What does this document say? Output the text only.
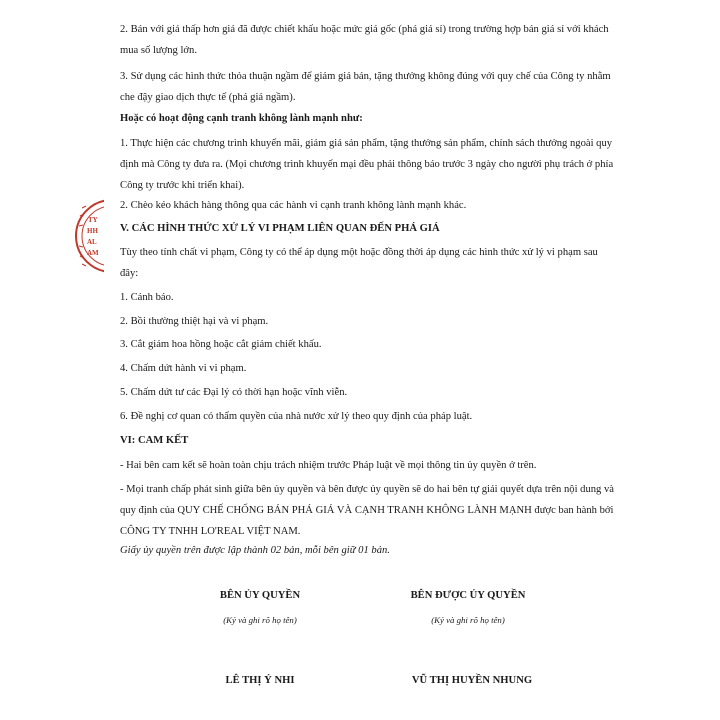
TY
HH
AL
AM

2. Bán với giá thấp hơn giá đã được chiết khấu hoặc mức giá gốc (phá giá sỉ) trong trường hợp bán giá sỉ với khách mua số lượng lớn.

3. Sử dụng các hình thức thỏa thuận ngầm để giảm giá bán, tặng thưởng không đúng với quy chế của Công ty nhằm che đậy giao dịch thực tế (phá giá ngầm).

Hoặc có hoạt động cạnh tranh không lành mạnh như:

1. Thực hiện các chương trình khuyến mãi, giảm giá sản phẩm, tặng thưởng sản phẩm, chính sách thưởng ngoài quy định mà Công ty đưa ra. (Mọi chương trình khuyến mại đều phải thông báo trước 3 ngày cho người phụ trách ở phía Công ty trước khi triển khai).

2. Chèo kéo khách hàng thông qua các hành vi cạnh tranh không lành mạnh khác.

V. CÁC HÌNH THỨC XỬ LÝ VI PHẠM LIÊN QUAN ĐẾN PHÁ GIÁ

Tùy theo tính chất vi phạm, Công ty có thể áp dụng một hoặc đồng thời áp dụng các hình thức xử lý vi phạm sau đây:

1. Cảnh báo.

2. Bồi thường thiệt hại và vi phạm.

3. Cắt giảm hoa hồng hoặc cắt giảm chiết khấu.

4. Chấm dứt hành vi vi phạm.

5. Chấm dứt tư các Đại lý có thời hạn hoặc vĩnh viễn.

6. Đề nghị cơ quan có thẩm quyền của nhà nước xử lý theo quy định của pháp luật.

VI: CAM KẾT

- Hai bên cam kết sẽ hoàn toàn chịu trách nhiệm trước Pháp luật về mọi thông tin ủy quyền ở trên.

- Mọi tranh chấp phát sinh giữa bên ủy quyền và bên được ủy quyền sẽ do hai bên tự giải quyết dựa trên nội dung và quy định của QUY CHẾ CHỐNG BÁN PHÁ GIÁ VÀ CẠNH TRANH KHÔNG LÀNH MẠNH được ban hành bởi CÔNG TY TNHH LO'REAL VIỆT NAM.

Giấy ủy quyền trên được lập thành 02 bản, mỗi bên giữ 01 bản.

BÊN ỦY QUYỀN
(Ký và ghi rõ họ tên)
LÊ THỊ Ý NHI
BÊN ĐƯỢC ỦY QUYỀN
(Ký và ghi rõ họ tên)
VŨ THỊ HUYỀN NHUNG
